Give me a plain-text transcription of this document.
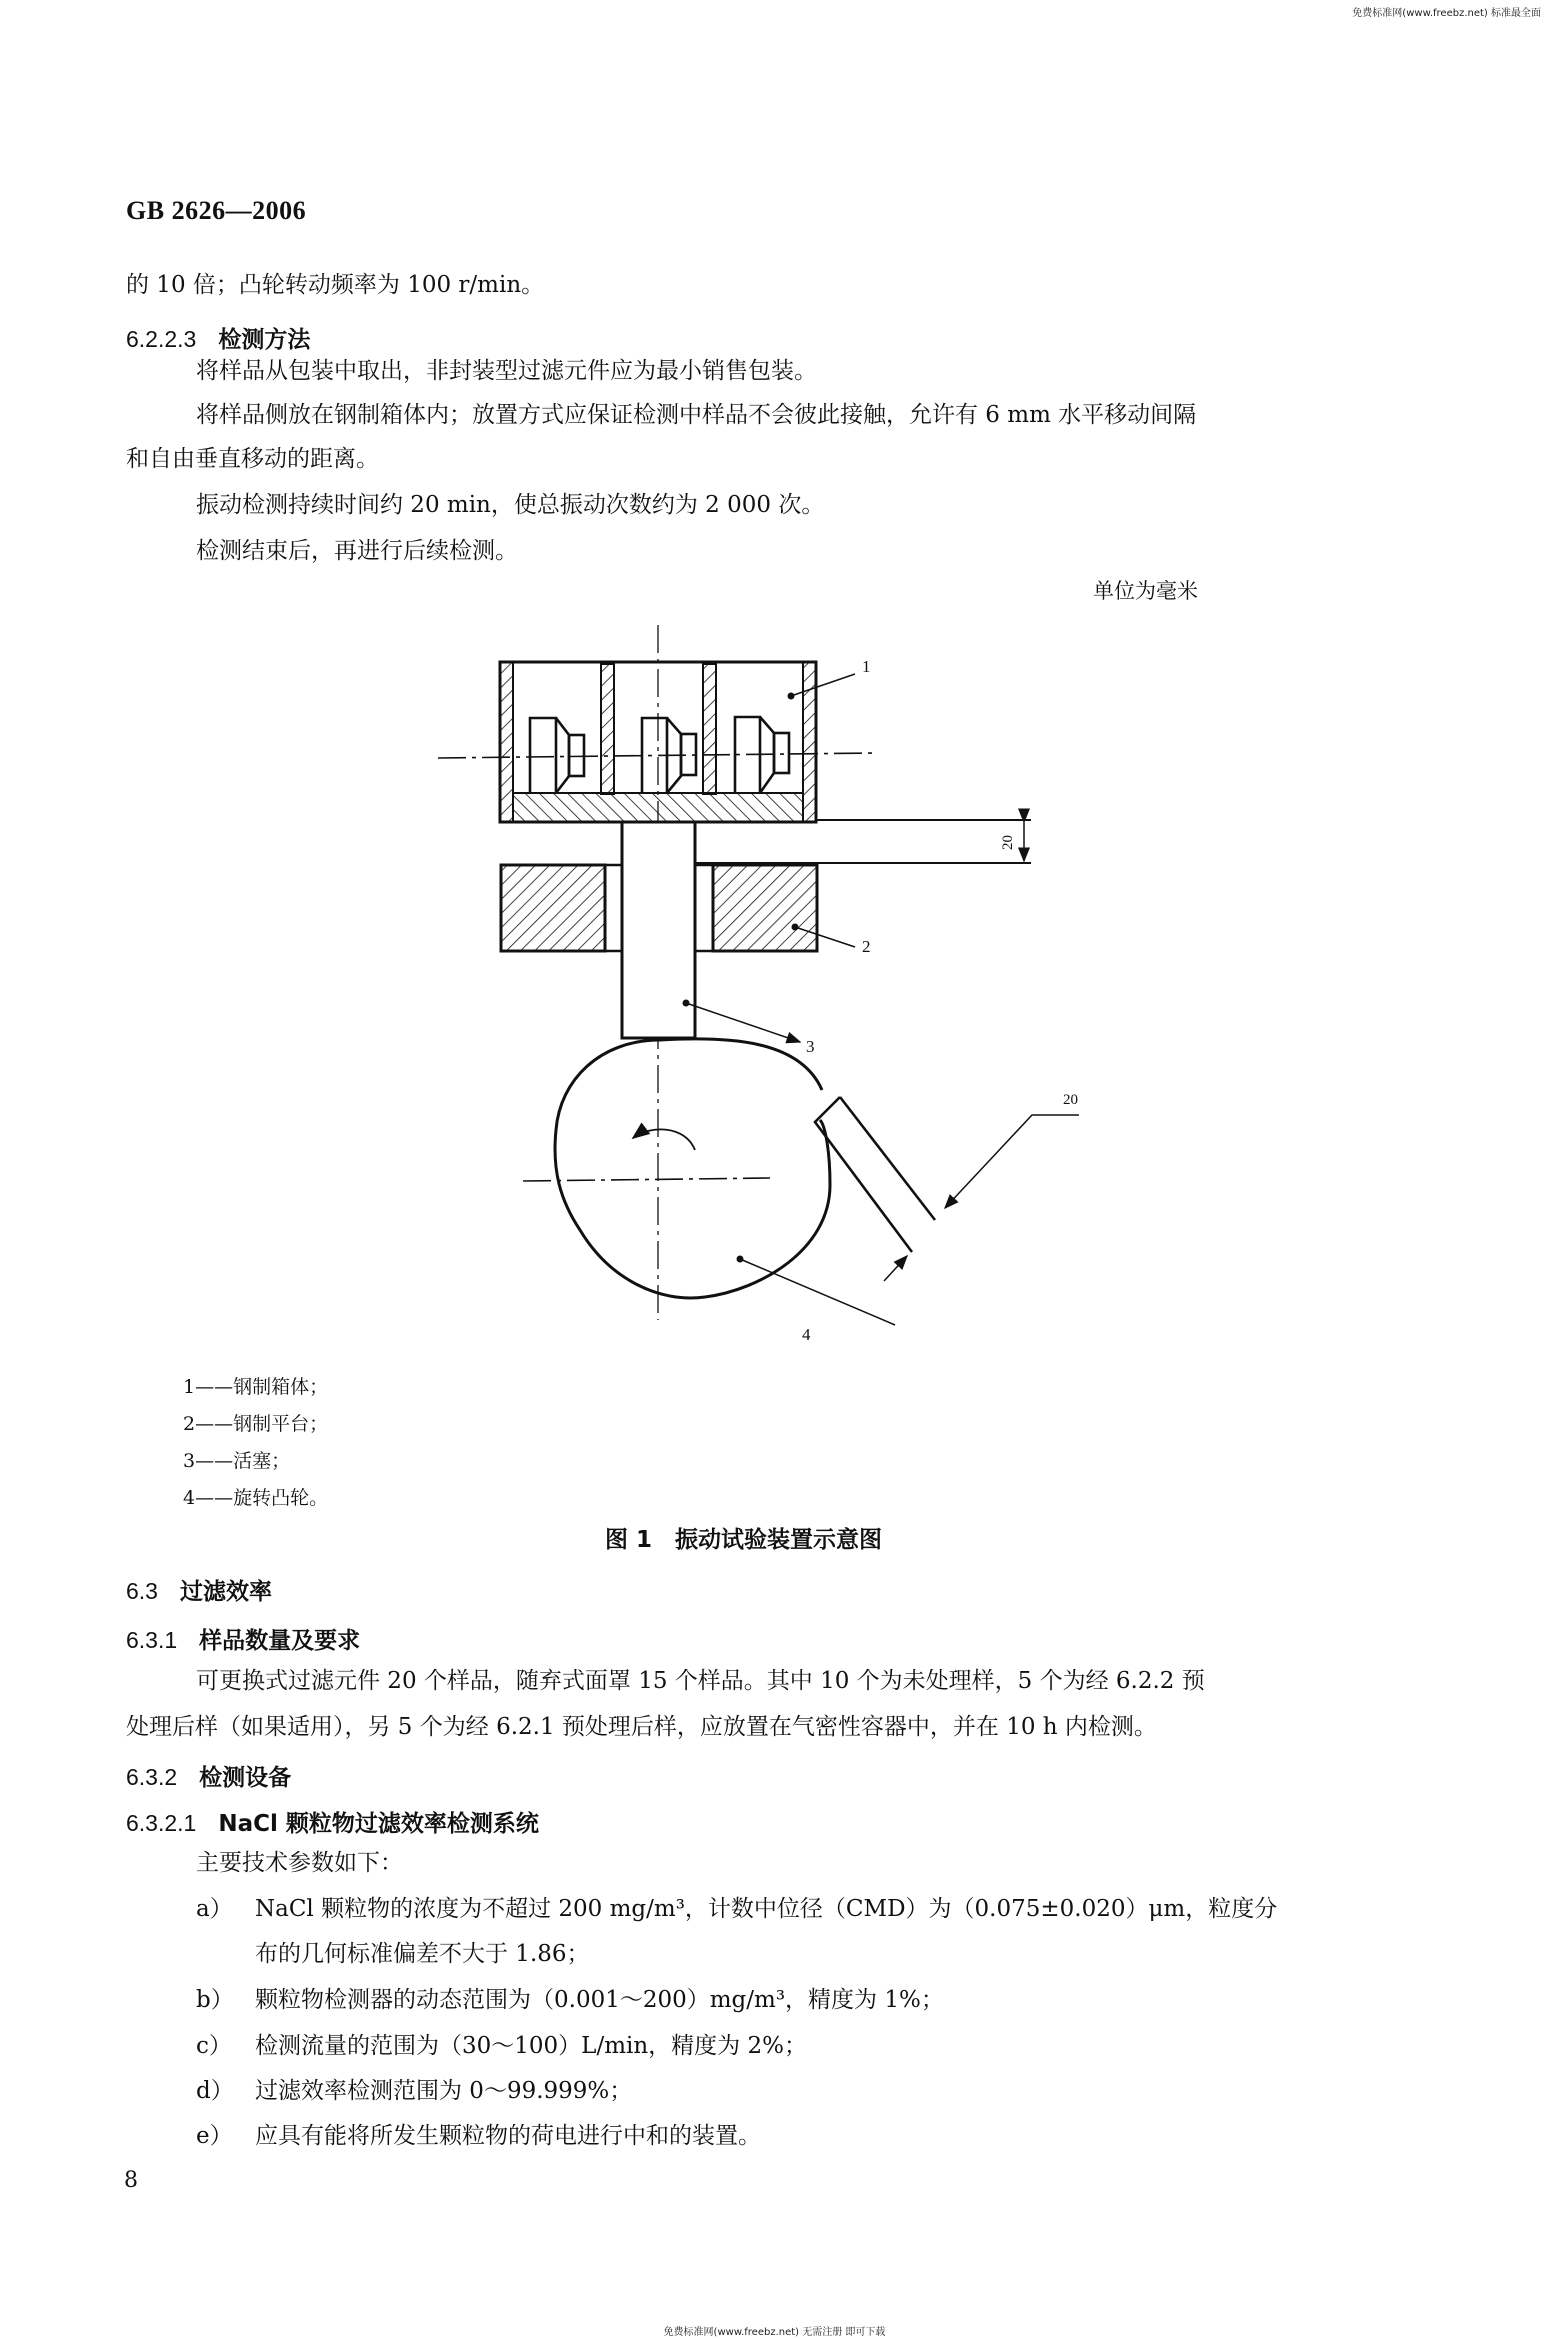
免费标准网(www.freebz.net) 标准最全面
GB 2626—2006
的 10 倍；凸轮转动频率为 100 r/min。
6.2.2.3 检测方法
将样品从包装中取出，非封装型过滤元件应为最小销售包装。
将样品侧放在钢制箱体内；放置方式应保证检测中样品不会彼此接触，允许有 6 mm 水平移动间隔
和自由垂直移动的距离。
振动检测持续时间约 20 min，使总振动次数约为 2 000 次。
检测结束后，再进行后续检测。
单位为毫米
20
20
1
2
3
4
1——钢制箱体；
2——钢制平台；
3——活塞；
4——旋转凸轮。
图 1　振动试验装置示意图
6.3 过滤效率
6.3.1 样品数量及要求
可更换式过滤元件 20 个样品，随弃式面罩 15 个样品。其中 10 个为未处理样，5 个为经 6.2.2 预
处理后样（如果适用），另 5 个为经 6.2.1 预处理后样，应放置在气密性容器中，并在 10 h 内检测。
6.3.2 检测设备
6.3.2.1 NaCl 颗粒物过滤效率检测系统
主要技术参数如下：
a） NaCl 颗粒物的浓度为不超过 200 mg/m³，计数中位径（CMD）为（0.075±0.020）μm，粒度分
布的几何标准偏差不大于 1.86；
b） 颗粒物检测器的动态范围为（0.001～200）mg/m³，精度为 1%；
c） 检测流量的范围为（30～100）L/min，精度为 2%；
d） 过滤效率检测范围为 0～99.999%；
e） 应具有能将所发生颗粒物的荷电进行中和的装置。
8
免费标准网(www.freebz.net) 无需注册 即可下载
